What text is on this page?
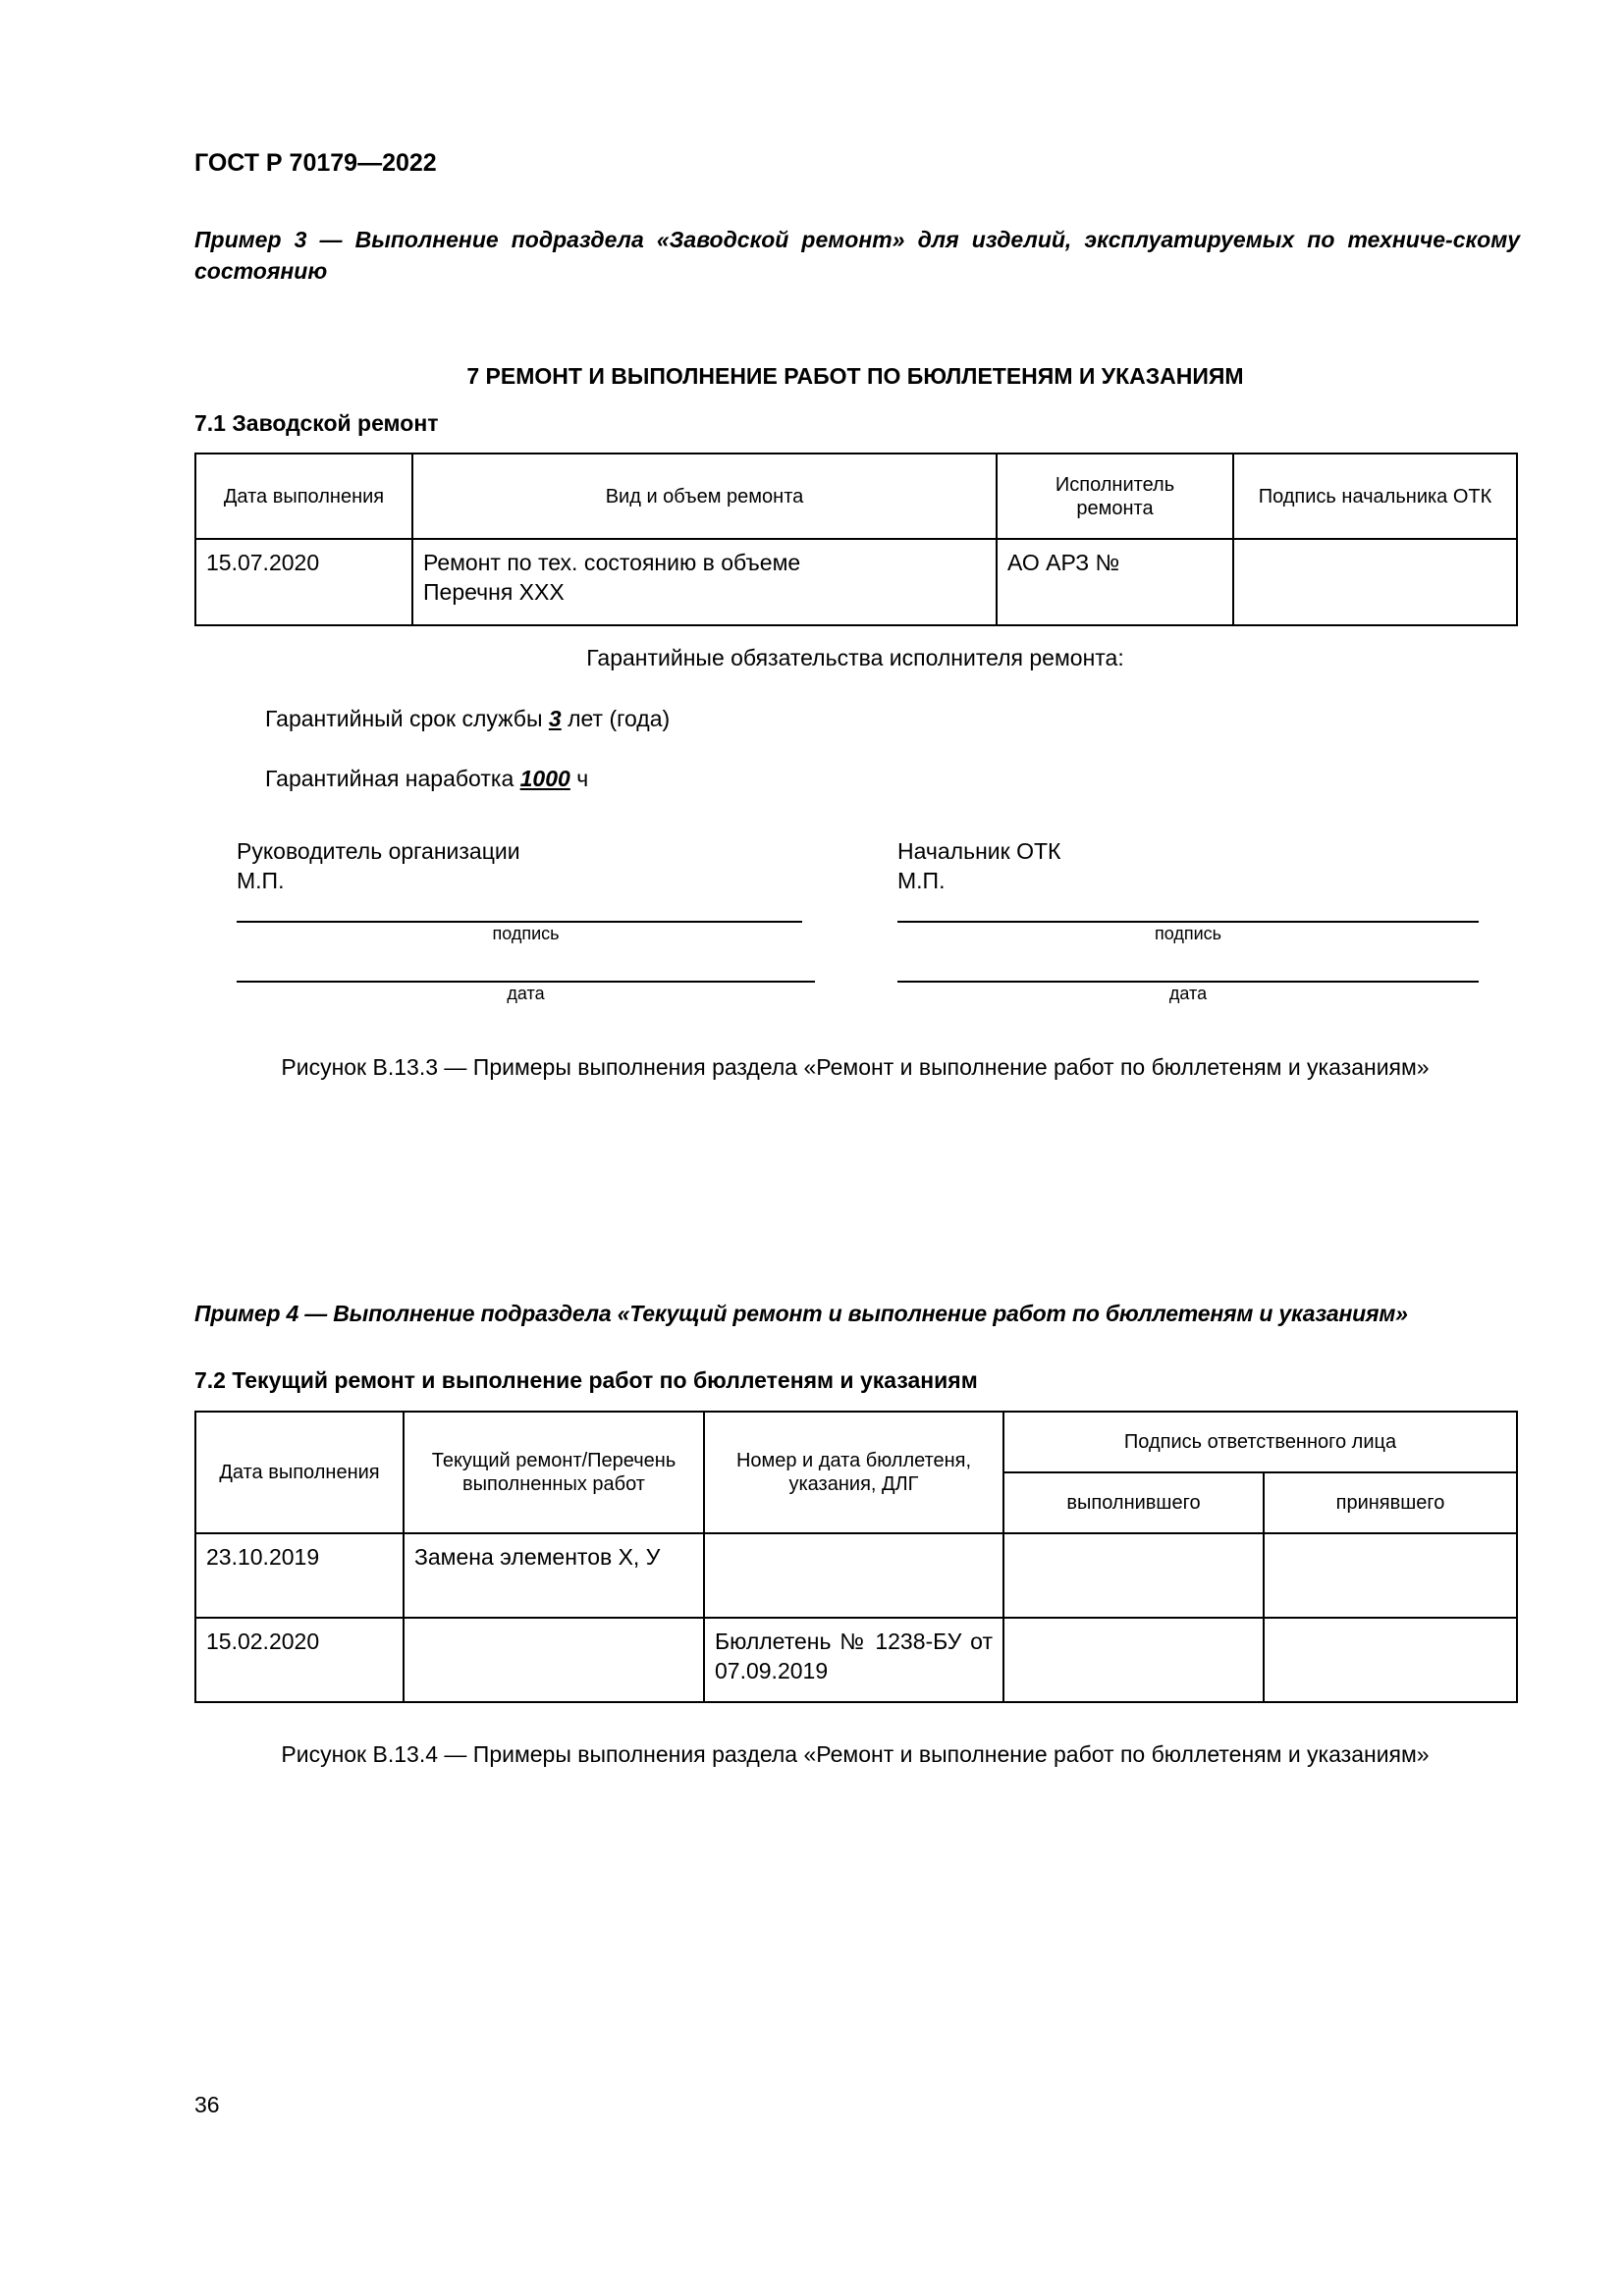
ГОСТ Р 70179—2022
Пример 3 — Выполнение подраздела «Заводской ремонт» для изделий, эксплуатируемых по техниче-скому состоянию
7 РЕМОНТ И ВЫПОЛНЕНИЕ РАБОТ ПО БЮЛЛЕТЕНЯМ И УКАЗАНИЯМ
7.1 Заводской ремонт
Дата выполнения	Вид и объем ремонта	Исполнитель ремонта	Подпись начальника ОТК
15.07.2020	Ремонт по тех. состоянию в объеме Перечня XXX	АО АРЗ №	
Гарантийные обязательства исполнителя ремонта:
Гарантийный срок службы 3 лет (года)
Гарантийная наработка 1000 ч
Руководитель организации
М.П.
Начальник ОТК
М.П.
подпись	подпись
дата	дата
Рисунок В.13.3 — Примеры выполнения раздела «Ремонт и выполнение работ по бюллетеням и указаниям»
Пример 4 — Выполнение подраздела «Текущий ремонт и выполнение работ по бюллетеням и указаниям»
7.2 Текущий ремонт и выполнение работ по бюллетеням и указаниям
Дата выполнения	Текущий ремонт/Перечень выполненных работ	Номер и дата бюллетеня, указания, ДЛГ	Подпись ответственного лица	
			выполнившего	принявшего
23.10.2019	Замена элементов X, У			
15.02.2020		Бюллетень № 1238-БУ от 07.09.2019		
Рисунок В.13.4 — Примеры выполнения раздела «Ремонт и выполнение работ по бюллетеням и указаниям»
36
